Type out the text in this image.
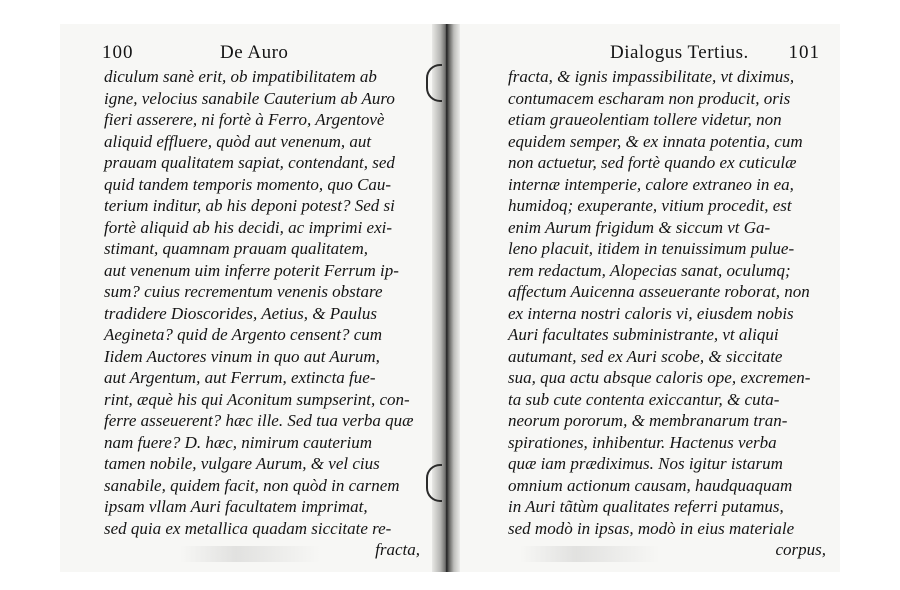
100	De Auro
diculum sanè erit, ob impatibilitatem ab
igne, velocius sanabile Cauterium ab Auro
fieri asserere, ni fortè à Ferro, Argentovè
aliquid effluere, quòd aut venenum, aut
prauam qualitatem sapiat, contendant, sed
quid tandem temporis momento, quo Cau-
terium inditur, ab his deponi potest? Sed si
fortè aliquid ab his decidi, ac imprimi exi-
stimant, quamnam prauam qualitatem,
aut venenum uim inferre poterit Ferrum ip-
sum? cuius recrementum venenis obstare
tradidere Dioscorides, Aetius, & Paulus
Aegineta? quid de Argento censent? cum
Iidem Auctores vinum in quo aut Aurum,
aut Argentum, aut Ferrum, extincta fue-
rint, æquè his qui Aconitum sumpserint, con-
ferre asseuerent? hæc ille. Sed tua verba quæ
nam fuere? D. hæc, nimirum cauterium
tamen nobile, vulgare Aurum, & vel cius
sanabile, quidem facit, non quòd in carnem
ipsam vllam Auri facultatem imprimat,
sed quia ex metallica quadam siccitate re-
fracta,
Dialogus Tertius. 101
fracta, & ignis impassibilitate, vt diximus,
contumacem escharam non producit, oris
etiam graueolentiam tollere videtur, non
equidem semper, & ex innata potentia, cum
non actuetur, sed fortè quando ex cuticulæ
internæ intemperie, calore extraneo in ea,
humidoq; exuperante, vitium procedit, est
enim Aurum frigidum & siccum vt Ga-
leno placuit, itidem in tenuissimum pulue-
rem redactum, Alopecias sanat, oculumq;
affectum Auicenna asseuerante roborat, non
ex interna nostri caloris vi, eiusdem nobis
Auri facultates subministrante, vt aliqui
autumant, sed ex Auri scobe, & siccitate
sua, qua actu absque caloris ope, excremen-
ta sub cute contenta exiccantur, & cuta-
neorum pororum, & membranarum tran-
spirationes, inhibentur. Hactenus verba
quæ iam prædiximus. Nos igitur istarum
omnium actionum causam, haudquaquam
in Auri tãtùm qualitates referri putamus,
sed modò in ipsas, modò in eius materiale
corpus,
